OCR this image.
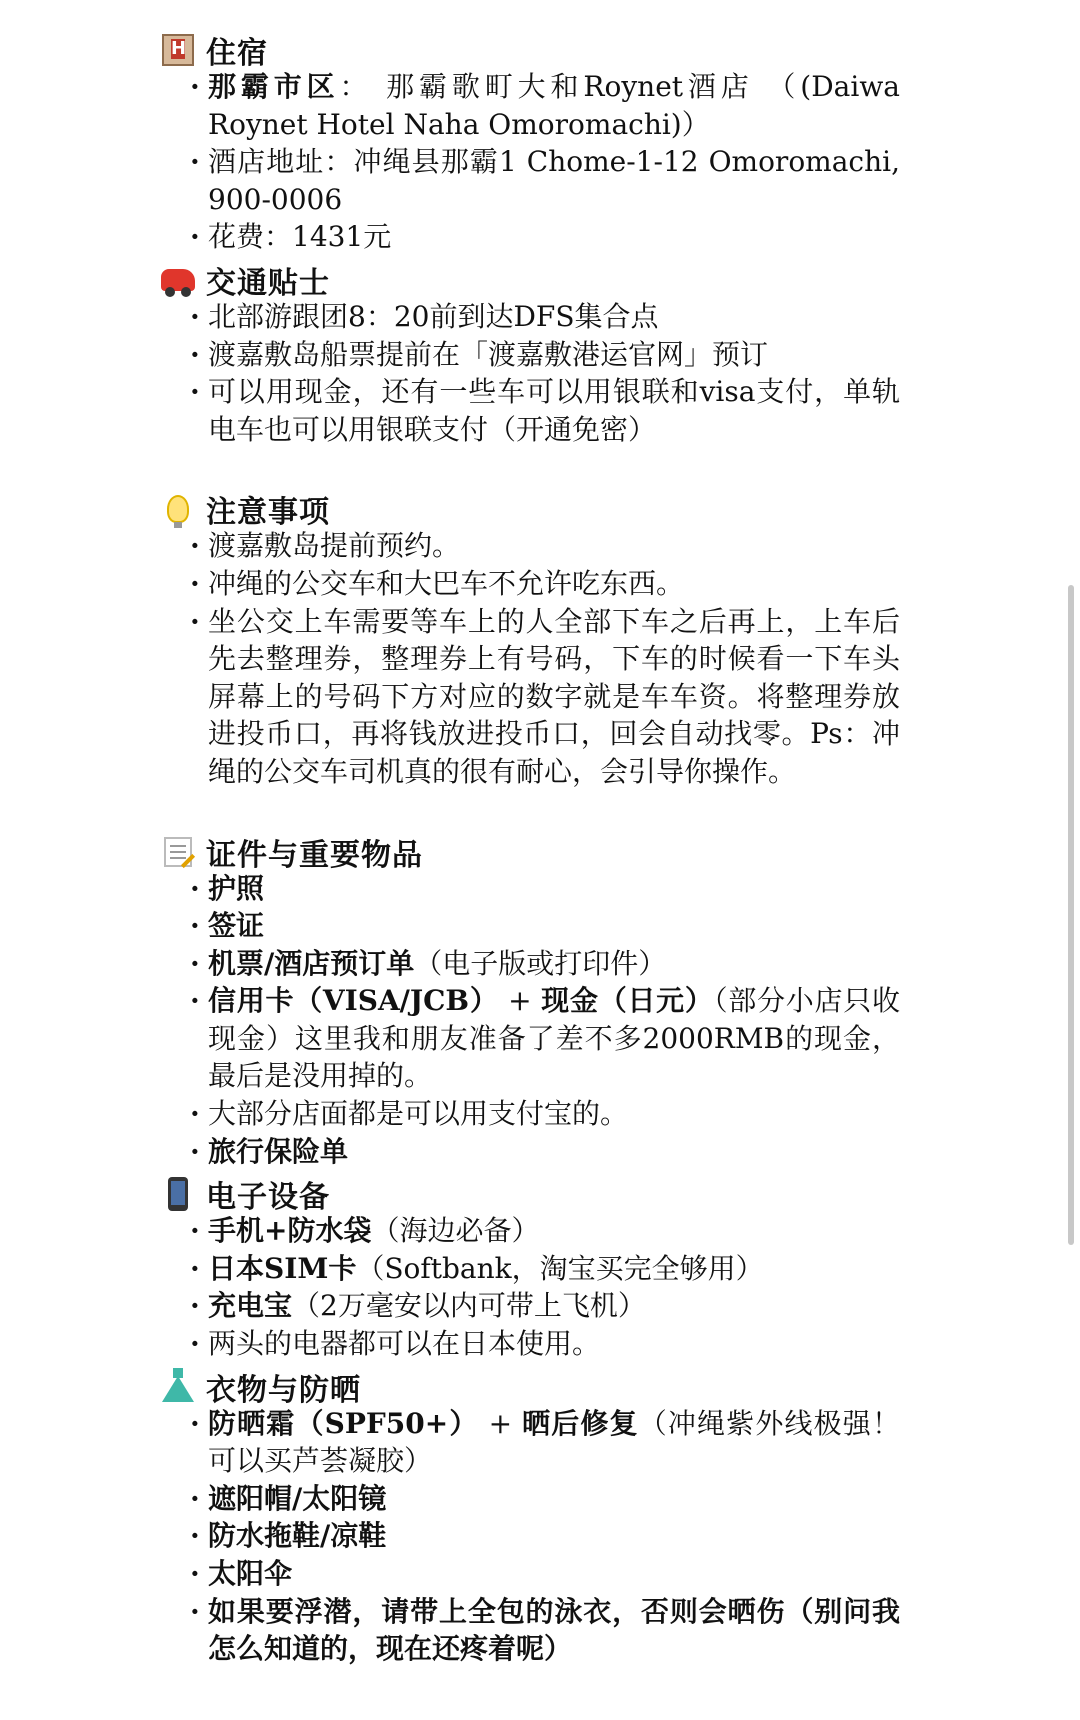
H
住宿
· 那霸市区： 那霸歌町大和Roynet酒店 （(Daiwa Roynet Hotel Naha Omoromachi)）
· 酒店地址：冲绳县那霸1 Chome-1-12 Omoromachi, 900-0006
· 花费：1431元
交通贴士
· 北部游跟团8：20前到达DFS集合点
· 渡嘉敷岛船票提前在「渡嘉敷港运官网」预订
· 可以用现金，还有一些车可以用银联和visa支付，单轨电车也可以用银联支付（开通免密）
注意事项
· 渡嘉敷岛提前预约。
· 冲绳的公交车和大巴车不允许吃东西。
· 坐公交上车需要等车上的人全部下车之后再上，上车后先去整理券，整理券上有号码，下车的时候看一下车头屏幕上的号码下方对应的数字就是车车资。将整理券放进投币口，再将钱放进投币口，回会自动找零。Ps：冲绳的公交车司机真的很有耐心，会引导你操作。
证件与重要物品
· 护照
· 签证
· 机票/酒店预订单（电子版或打印件）
· 信用卡（VISA/JCB） + 现金（日元）（部分小店只收现金）这里我和朋友准备了差不多2000RMB的现金，最后是没用掉的。
· 大部分店面都是可以用支付宝的。
· 旅行保险单
电子设备
· 手机+防水袋（海边必备）
· 日本SIM卡（Softbank，淘宝买完全够用）
· 充电宝（2万毫安以内可带上飞机）
· 两头的电器都可以在日本使用。
衣物与防晒
· 防晒霜（SPF50+） + 晒后修复（冲绳紫外线极强！可以买芦荟凝胶）
· 遮阳帽/太阳镜
· 防水拖鞋/凉鞋
· 太阳伞
· 如果要浮潜，请带上全包的泳衣，否则会晒伤（别问我怎么知道的，现在还疼着呢）
